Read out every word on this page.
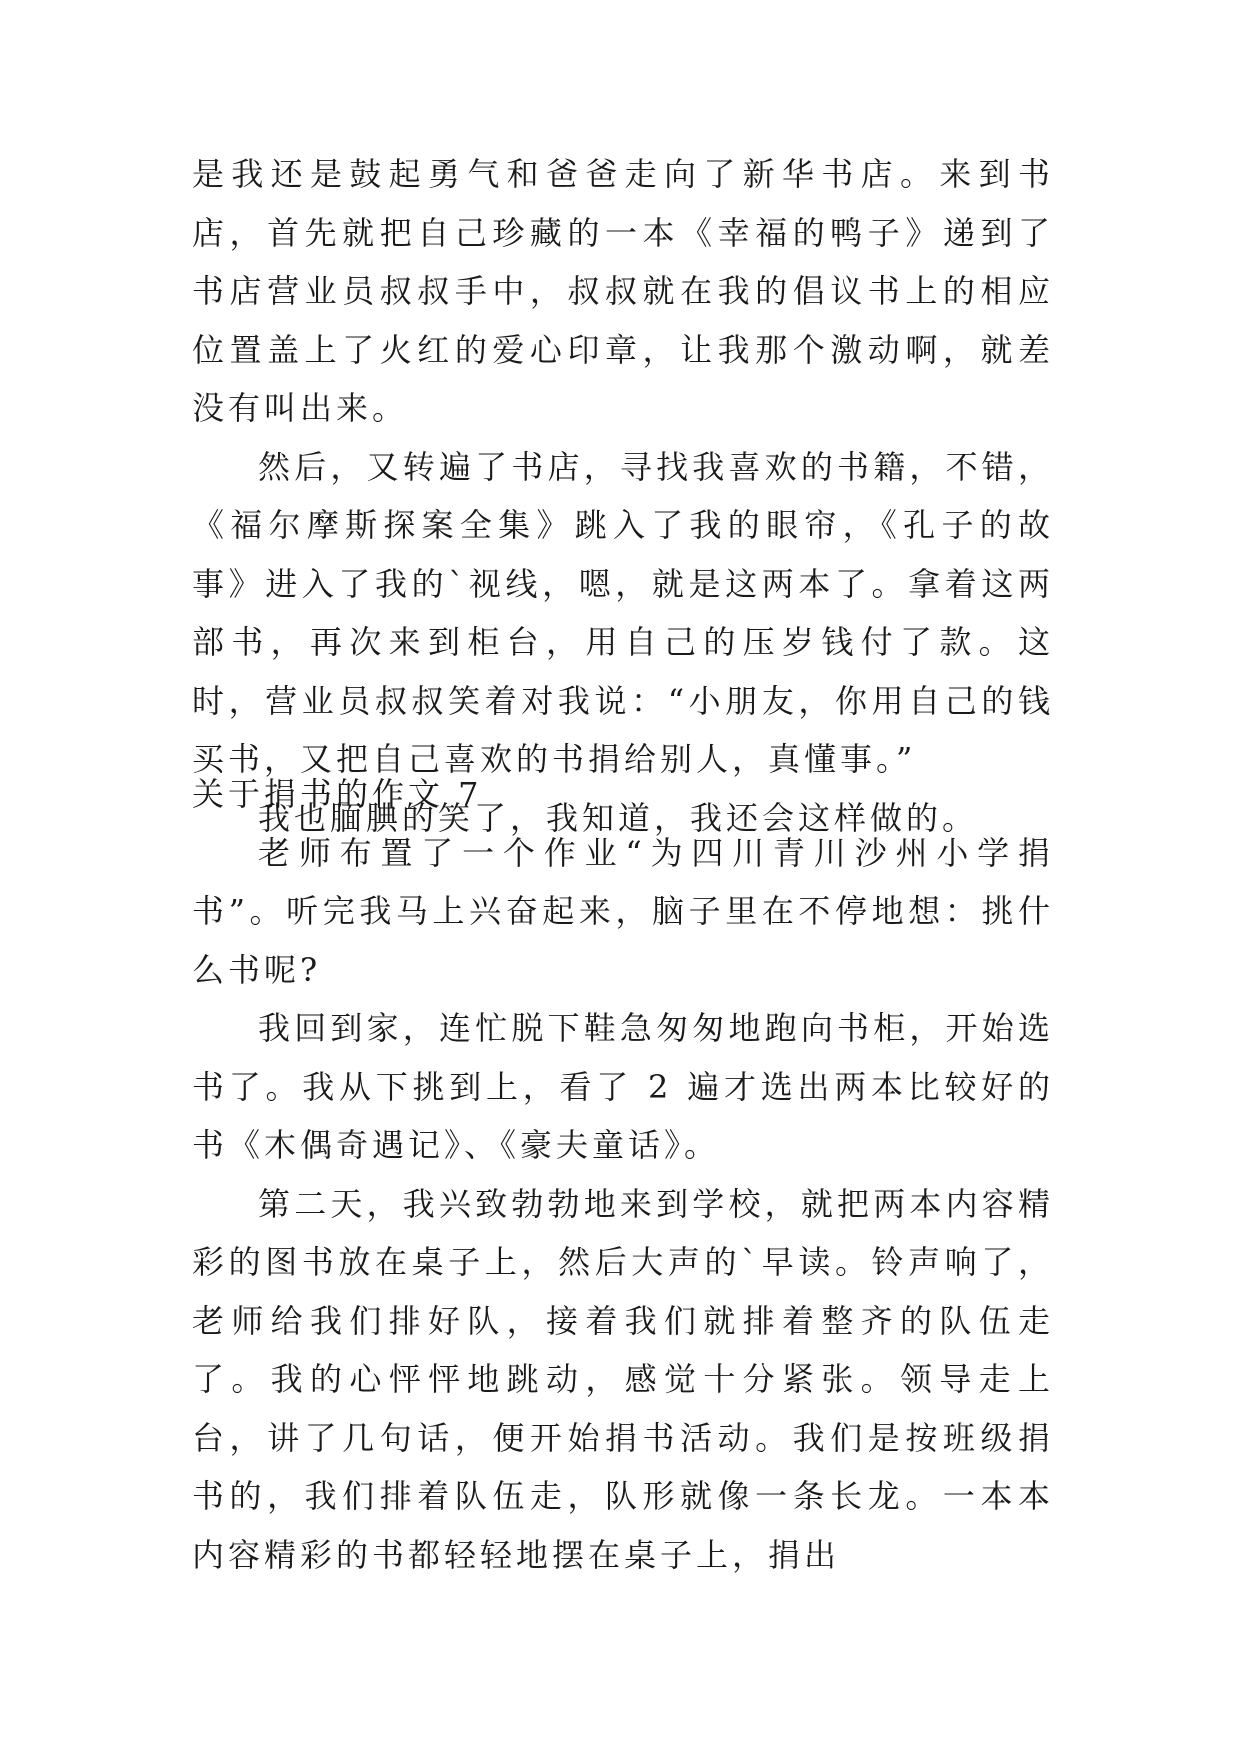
是我还是鼓起勇气和爸爸走向了新华书店。来到书店，首先就把自己珍藏的一本《幸福的鸭子》递到了书店营业员叔叔手中，叔叔就在我的倡议书上的相应位置盖上了火红的爱心印章，让我那个激动啊，就差没有叫出来。

然后，又转遍了书店，寻找我喜欢的书籍，不错，《福尔摩斯探案全集》跳入了我的眼帘，《孔子的故事》进入了我的`视线，嗯，就是这两本了。拿着这两部书，再次来到柜台，用自己的压岁钱付了款。这时，营业员叔叔笑着对我说：“小朋友，你用自己的钱买书，又把自己喜欢的书捐给别人，真懂事。”

我也腼腆的笑了，我知道，我还会这样做的。

关于捐书的作文 7

老师布置了一个作业“为四川青川沙州小学捐书”。听完我马上兴奋起来，脑子里在不停地想：挑什么书呢?

我回到家，连忙脱下鞋急匆匆地跑向书柜，开始选书了。我从下挑到上，看了 2 遍才选出两本比较好的书《木偶奇遇记》、《豪夫童话》。

第二天，我兴致勃勃地来到学校，就把两本内容精彩的图书放在桌子上，然后大声的`早读。铃声响了，老师给我们排好队，接着我们就排着整齐的队伍走了。我的心怦怦地跳动，感觉十分紧张。领导走上台，讲了几句话，便开始捐书活动。我们是按班级捐书的，我们排着队伍走，队形就像一条长龙。一本本内容精彩的书都轻轻地摆在桌子上，捐出
